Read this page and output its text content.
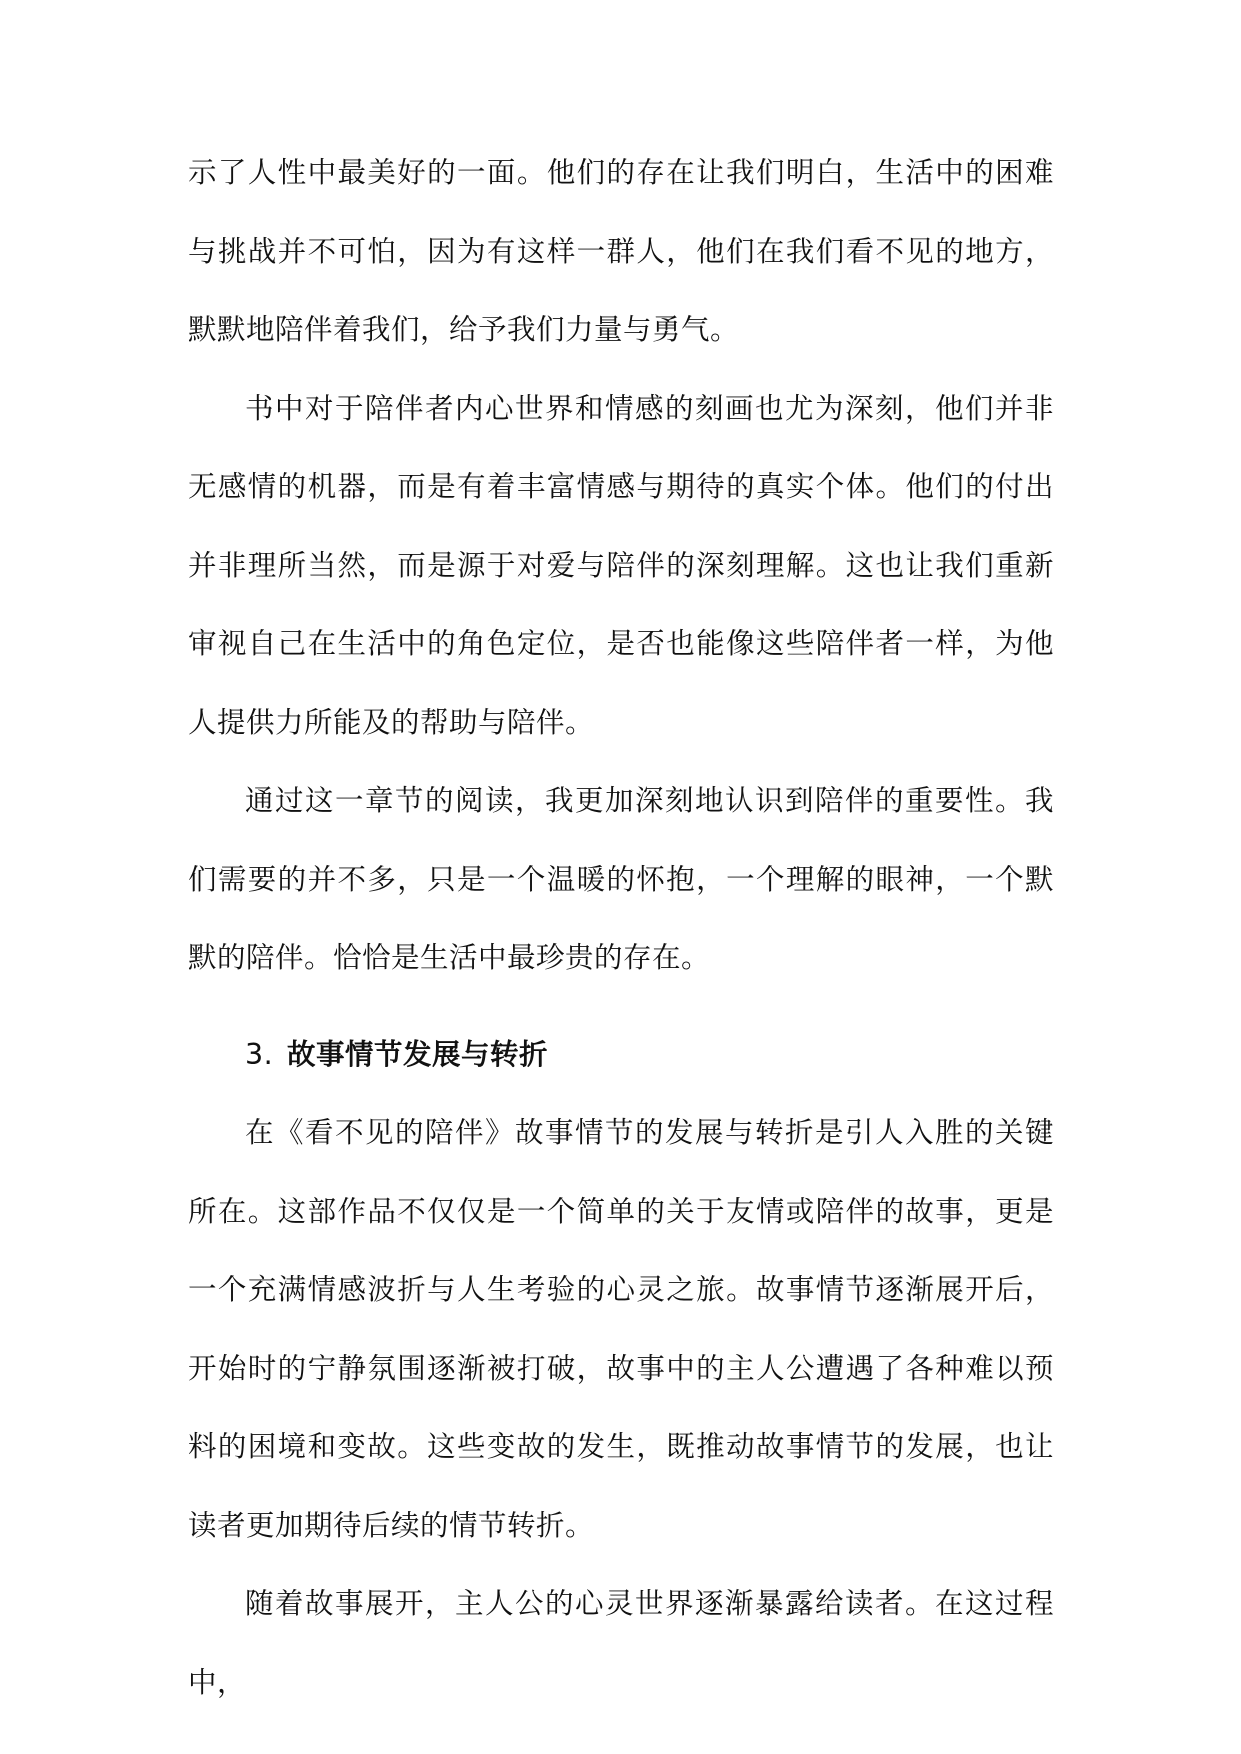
示了人性中最美好的一面。他们的存在让我们明白，生活中的困难与挑战并不可怕，因为有这样一群人，他们在我们看不见的地方，默默地陪伴着我们，给予我们力量与勇气。

书中对于陪伴者内心世界和情感的刻画也尤为深刻，他们并非无感情的机器，而是有着丰富情感与期待的真实个体。他们的付出并非理所当然，而是源于对爱与陪伴的深刻理解。这也让我们重新审视自己在生活中的角色定位，是否也能像这些陪伴者一样，为他人提供力所能及的帮助与陪伴。

通过这一章节的阅读，我更加深刻地认识到陪伴的重要性。我们需要的并不多，只是一个温暖的怀抱，一个理解的眼神，一个默默的陪伴。恰恰是生活中最珍贵的存在。

3. 故事情节发展与转折

在《看不见的陪伴》故事情节的发展与转折是引人入胜的关键所在。这部作品不仅仅是一个简单的关于友情或陪伴的故事，更是一个充满情感波折与人生考验的心灵之旅。故事情节逐渐展开后，开始时的宁静氛围逐渐被打破，故事中的主人公遭遇了各种难以预料的困境和变故。这些变故的发生，既推动故事情节的发展，也让读者更加期待后续的情节转折。

随着故事展开，主人公的心灵世界逐渐暴露给读者。在这过程中，
